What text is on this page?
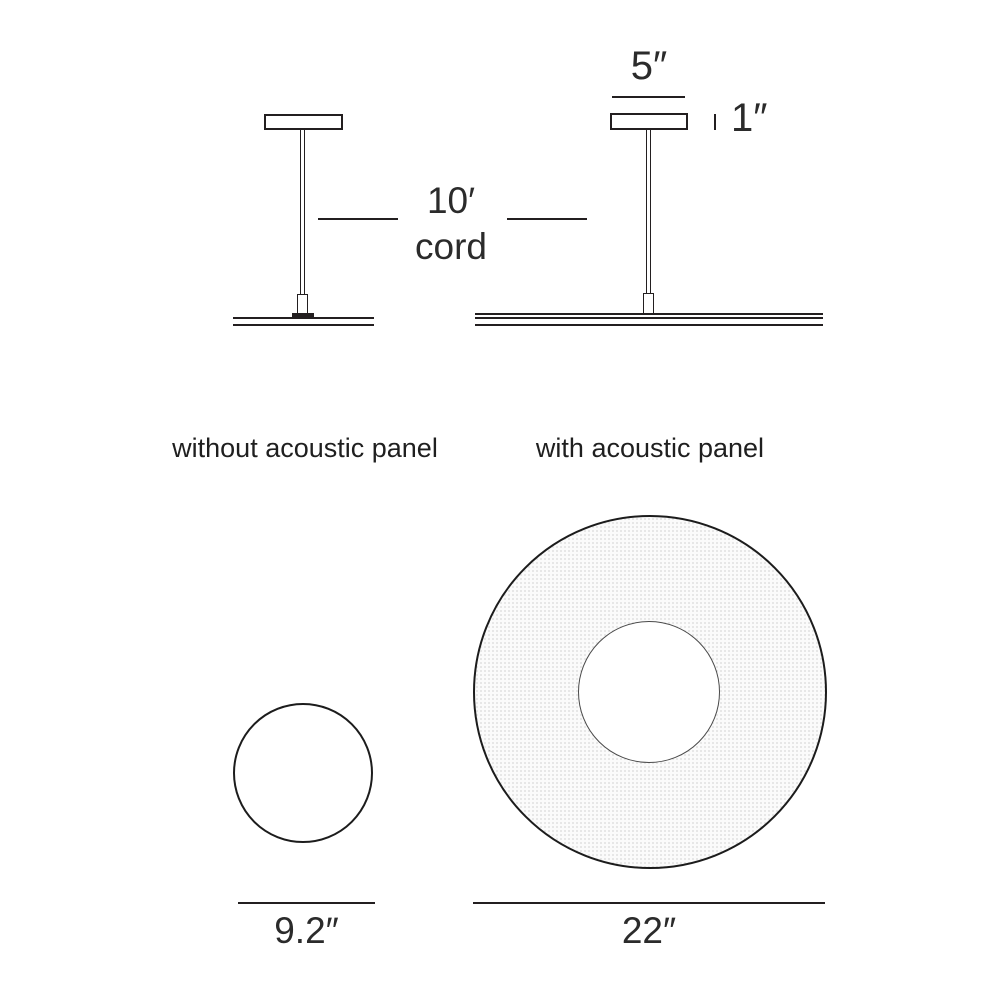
5″
1″
10′
cord
without acoustic panel	with acoustic panel
9.2″	22″
